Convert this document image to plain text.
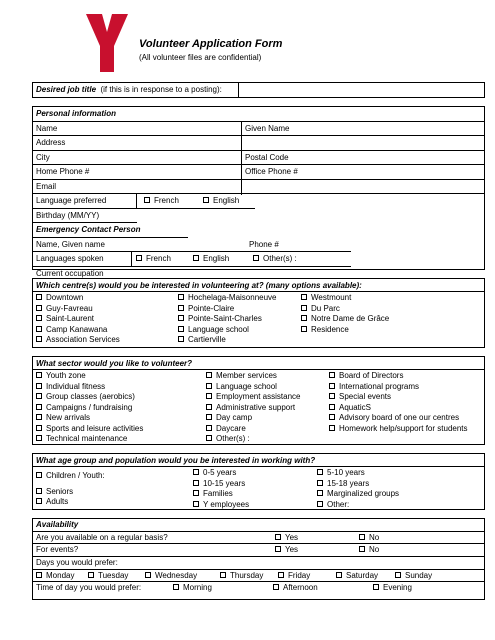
Volunteer Application Form
(All volunteer files are confidential)
Desired job title (if this is in response to a posting):
Personal information
Name	Given Name
Address
City	Postal Code
Home Phone #	Office Phone #
Email
Language preferred	French	English
Birthday (MM/YY)
Emergency Contact Person
Name, Given name	Phone #
Languages spoken	French	English	Other(s) :
Current occupation
Which centre(s) would you be interested in volunteering at? (many options available):
Downtown
Guy-Favreau
Saint-Laurent
Camp Kanawana
Association Services
Hochelaga-Maisonneuve
Pointe-Claire
Pointe-Saint-Charles
Language school
Cartierville
Westmount
Du Parc
Notre Dame de Grâce
Residence
What sector would you like to volunteer?
Youth zone
Individual fitness
Group classes (aerobics)
Campaigns / fundraising
New arrivals
Sports and leisure activities
Technical maintenance
Member services
Language school
Employment assistance
Administrative support
Day camp
Daycare
Other(s) :
Board of Directors
International programs
Special events
AquaticS
Advisory board of one our centres
Homework help/support for students
What age group and population would you be interested in working with?
Children / Youth:
Seniors
Adults
0-5 years
10-15 years
Families
Y employees
5-10 years
15-18 years
Marginalized groups
Other:
Availability
Are you available on a regular basis?	Yes	No
For events?	Yes	No
Days you would prefer:
Monday	Tuesday	Wednesday	Thursday	Friday	Saturday	Sunday
Time of day you would prefer:	Morning	Afternoon	Evening
